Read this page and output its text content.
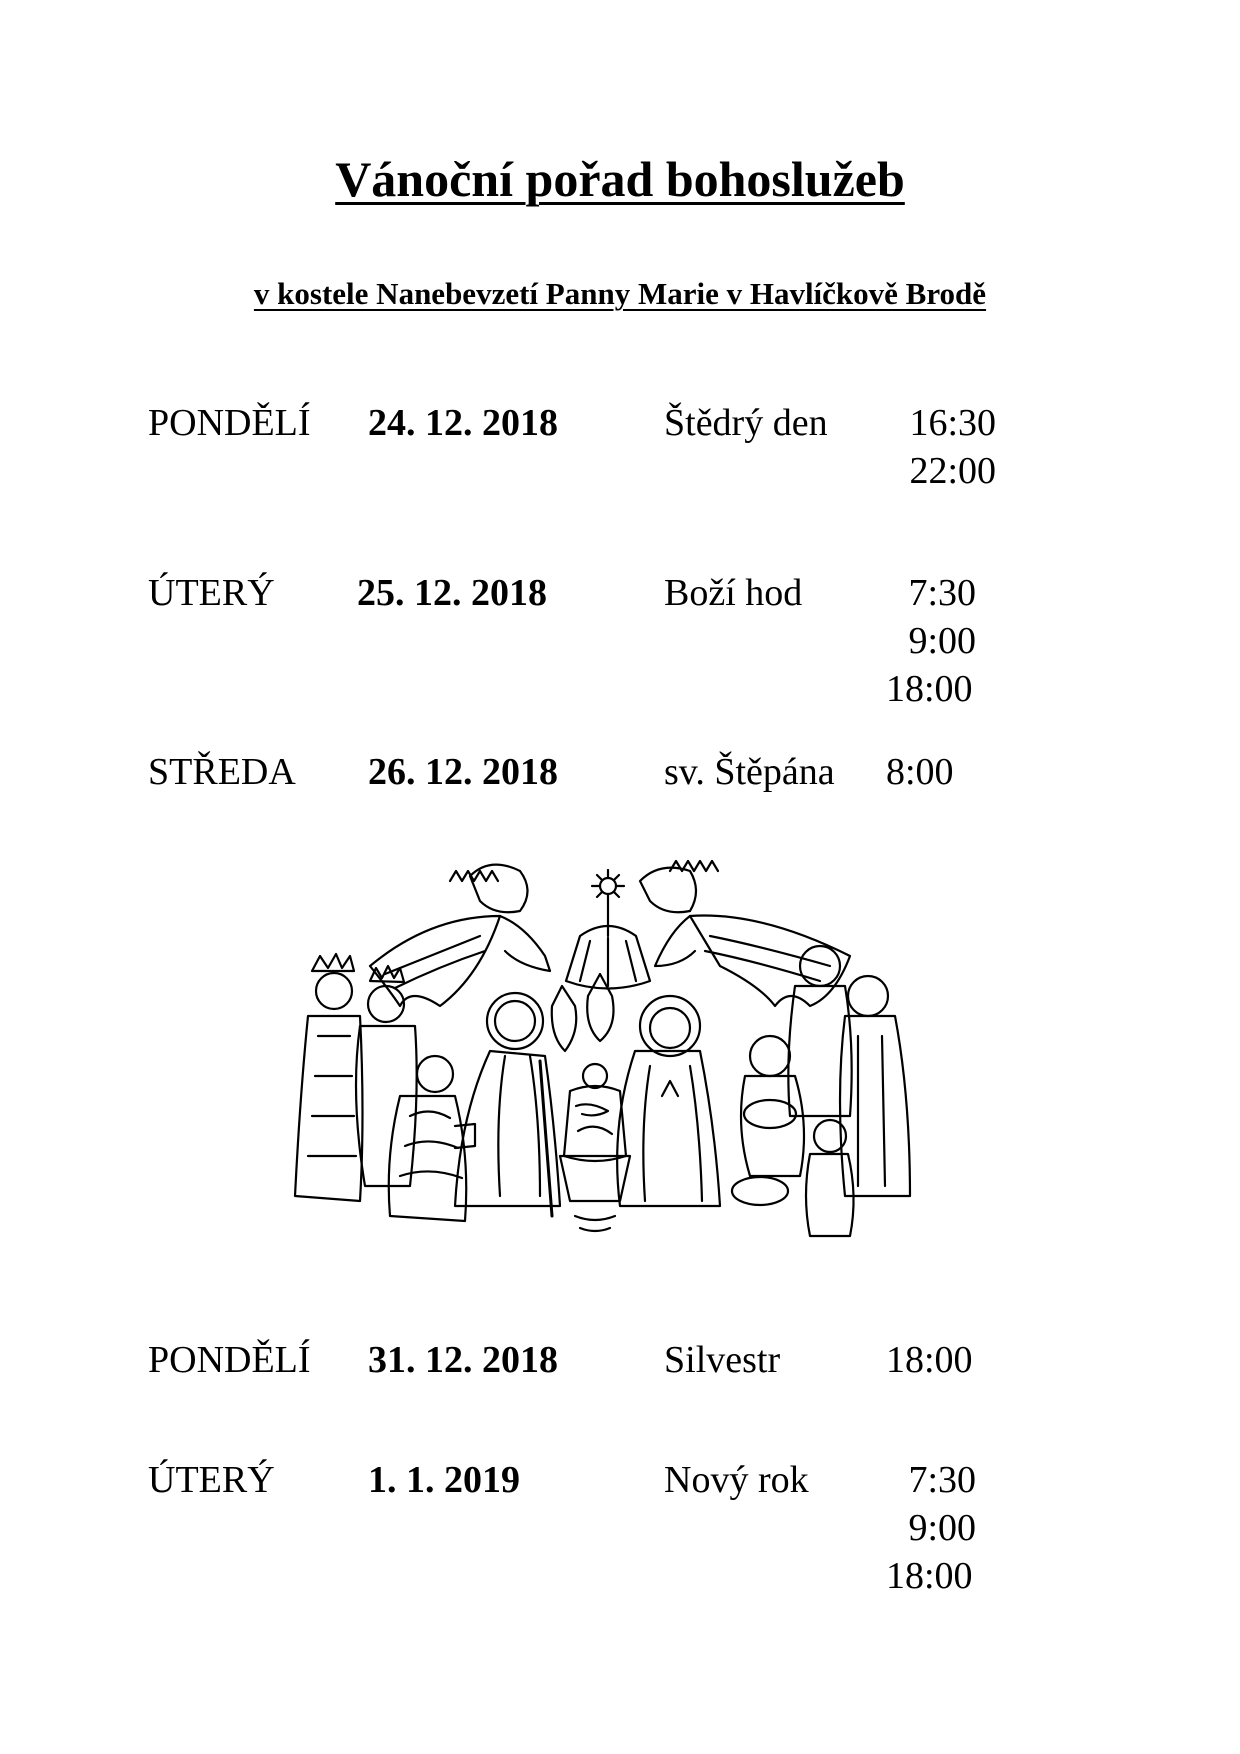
Vánoční pořad bohoslužeb
v kostele Nanebevzetí Panny Marie v Havlíčkově Brodě
PONDĚLÍ 24. 12. 2018	Štědrý den	16:30
22:00
ÚTERÝ 25. 12. 2018	Boží hod	7:30
9:00
18:00
STŘEDA 26. 12. 2018	sv. Štěpána 8:00
PONDĚLÍ 31. 12. 2018	Silvestr	18:00
ÚTERÝ 1. 1. 2019	Nový rok	7:30
9:00
18:00
